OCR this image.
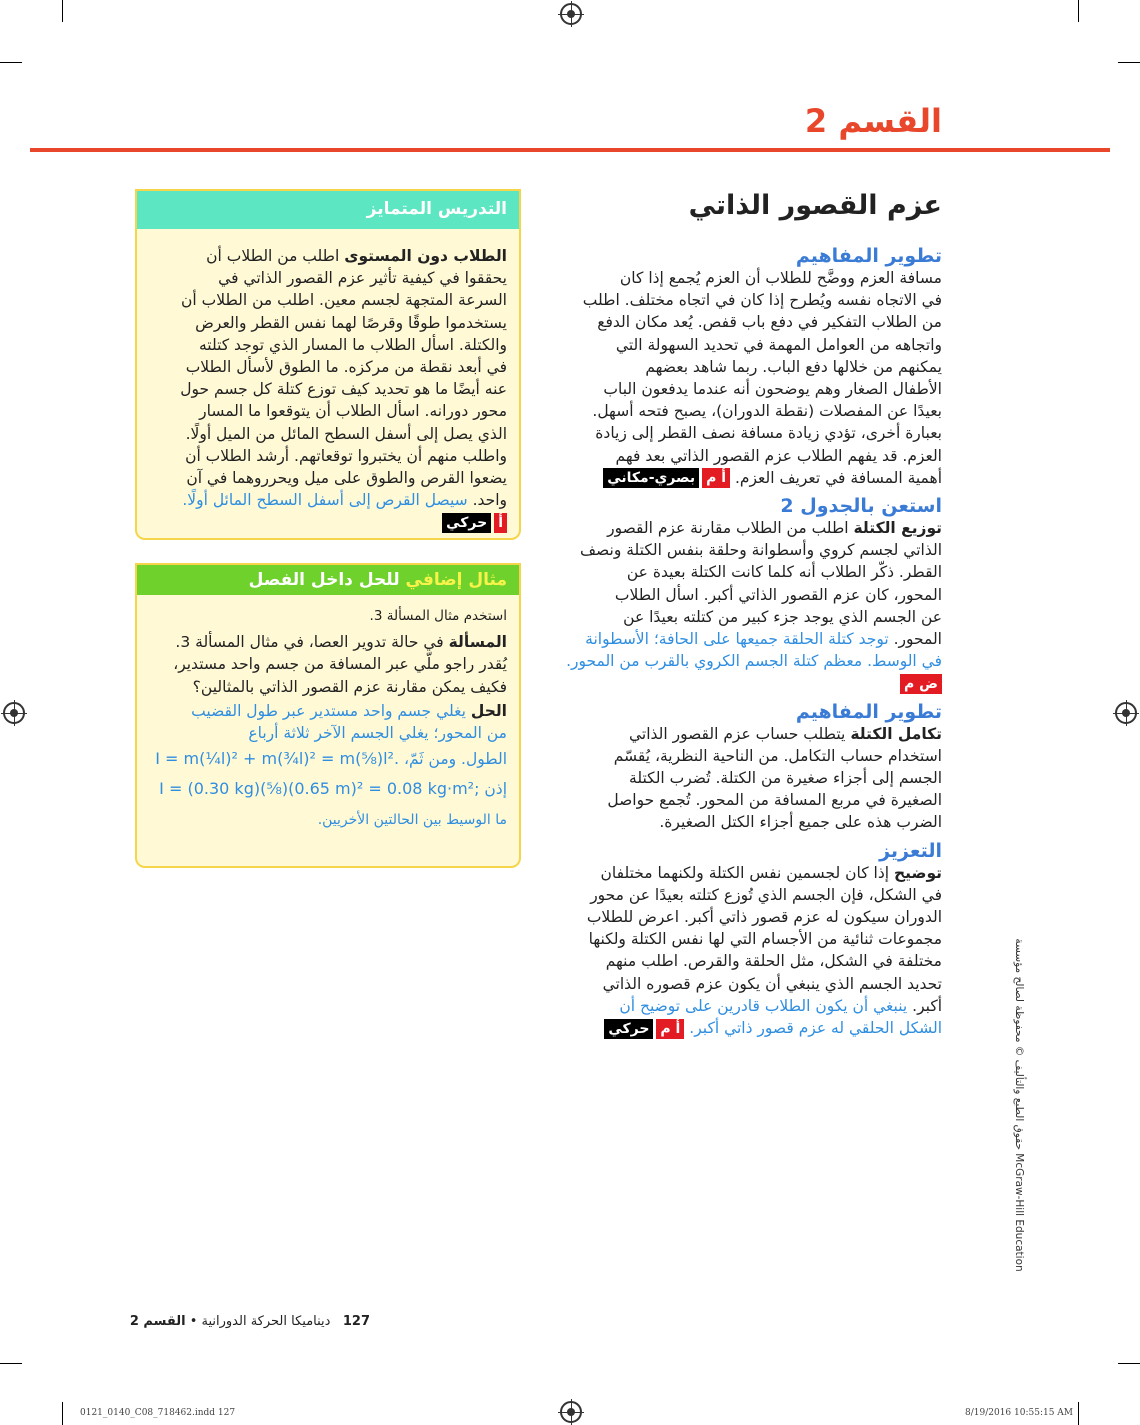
القسم 2
عزم القصور الذاتي
تطوير المفاهيم
مسافة العزم ووضَّح للطلاب أن العزم يُجمع إذا كان
في الاتجاه نفسه ويُطرح إذا كان في اتجاه مختلف. اطلب
من الطلاب التفكير في دفع باب قفص. يُعد مكان الدفع
واتجاهه من العوامل المهمة في تحديد السهولة التي
يمكنهم من خلالها دفع الباب. ربما شاهد بعضهم
الأطفال الصغار وهم يوضحون أنه عندما يدفعون الباب
بعيدًا عن المفصلات (نقطة الدوران)، يصبح فتحه أسهل.
بعبارة أخرى، تؤدي زيادة مسافة نصف القطر إلى زيادة
العزم. قد يفهم الطلاب عزم القصور الذاتي بعد فهم
أهمية المسافة في تعريف العزم. أ مبصري-مكاني
استعن بالجدول 2
توزيع الكتلة اطلب من الطلاب مقارنة عزم القصور
الذاتي لجسم كروي وأسطوانة وحلقة بنفس الكتلة ونصف
القطر. ذكّر الطلاب أنه كلما كانت الكتلة بعيدة عن
المحور، كان عزم القصور الذاتي أكبر. اسأل الطلاب
عن الجسم الذي يوجد جزء كبير من كتلته بعيدًا عن
المحور. توجد كتلة الحلقة جميعها على الحافة؛ الأسطوانة
في الوسط. معظم كتلة الجسم الكروي بالقرب من المحور.
ض م
تطوير المفاهيم
تكامل الكتلة يتطلب حساب عزم القصور الذاتي
استخدام حساب التكامل. من الناحية النظرية، يُقسّم
الجسم إلى أجزاء صغيرة من الكتلة. تُضرب الكتلة
الصغيرة في مربع المسافة من المحور. تُجمع حواصل
الضرب هذه على جميع أجزاء الكتل الصغيرة.
التعزيز
توضيح إذا كان لجسمين نفس الكتلة ولكنهما مختلفان
في الشكل، فإن الجسم الذي تُوزع كتلته بعيدًا عن محور
الدوران سيكون له عزم قصور ذاتي أكبر. اعرض للطلاب
مجموعات ثنائية من الأجسام التي لها نفس الكتلة ولكنها
مختلفة في الشكل، مثل الحلقة والقرص. اطلب منهم
تحديد الجسم الذي ينبغي أن يكون عزم قصوره الذاتي
أكبر. ينبغي أن يكون الطلاب قادرين على توضيح أن
الشكل الحلقي له عزم قصور ذاتي أكبر. أ محركي
التدريس المتمايز
الطلاب دون المستوى اطلب من الطلاب أن
يحققوا في كيفية تأثير عزم القصور الذاتي في
السرعة المتجهة لجسم معين. اطلب من الطلاب أن
يستخدموا طوقًا وقرصًا لهما نفس القطر والعرض
والكتلة. اسأل الطلاب ما المسار الذي توجد كتلته
في أبعد نقطة من مركزه. ما الطوق لأسأل الطلاب
عنه أيضًا ما هو تحديد كيف توزع كتلة كل جسم حول
محور دورانه. اسأل الطلاب أن يتوقعوا ما المسار
الذي يصل إلى أسفل السطح المائل من الميل أولًا.
واطلب منهم أن يختبروا توقعاتهم. أرشد الطلاب أن
يضعوا القرص والطوق على ميل ويحرروهما في آن
واحد. سيصل القرص إلى أسفل السطح المائل أولًا.
أحركي
مثال إضافي للحل داخل الفصل
استخدم مثال المسألة 3.
المسألة في حالة تدوير العصا، في مثال المسألة 3.
يُقدر راجو ملّي عبر المسافة من جسم واحد مستدير،
فكيف يمكن مقارنة عزم القصور الذاتي بالمثالين؟
الحل يغلي جسم واحد مستدير عبر طول القضيب
من المحور؛ يغلي الجسم الآخر ثلاثة أرباع
الطول. ومن ثَمّ، I = m(¼l)² + m(¾l)² = m(⅝)l².
إذن I = (0.30 kg)(⅝)(0.65 m)² = 0.08 kg·m²;
ما الوسيط بين الحالتين الأخريين.
حقوق الطبع والتأليف © محفوظة لصالح مؤسسة McGraw-Hill Education
127   ديناميكا الحركة الدورانية • القسم 2
0121_0140_C08_718462.indd 127	8/19/2016 10:55:15 AM
